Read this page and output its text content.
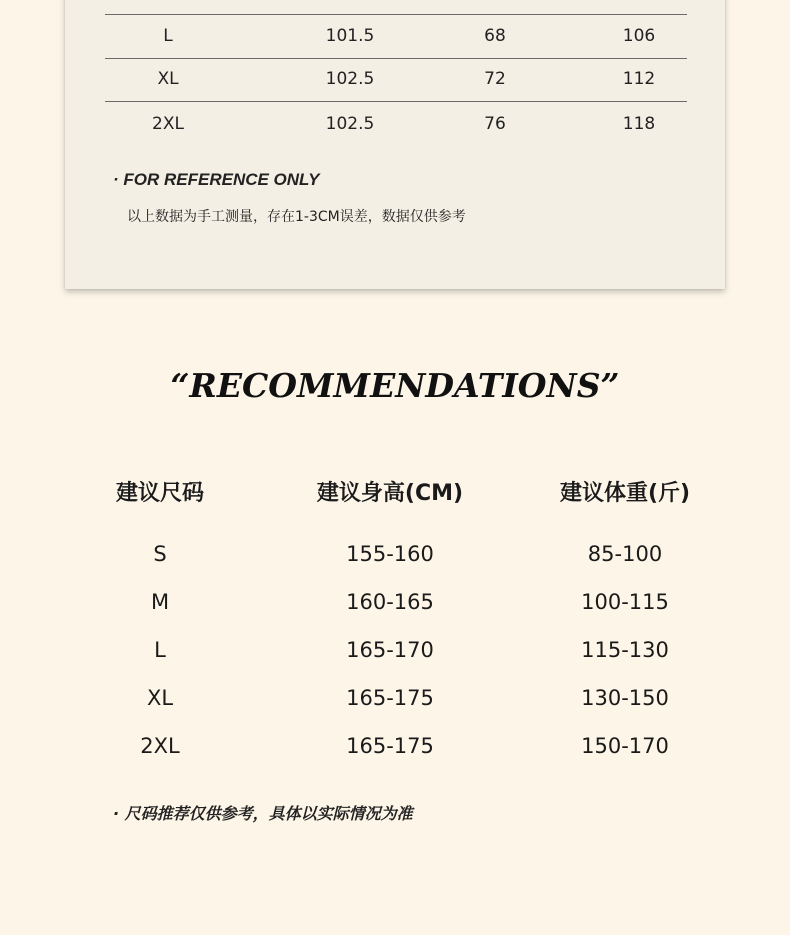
L	101.5	68	106
XL	102.5	72	112
2XL	102.5	76	118
· FOR REFERENCE ONLY
以上数据为手工测量，存在1-3CM误差，数据仅供参考
“RECOMMENDATIONS”
建议尺码	建议身高(CM)	建议体重(斤)
S	155-160	85-100
M	160-165	100-115
L	165-170	115-130
XL	165-175	130-150
2XL	165-175	150-170
· 尺码推荐仅供参考，具体以实际情况为准
